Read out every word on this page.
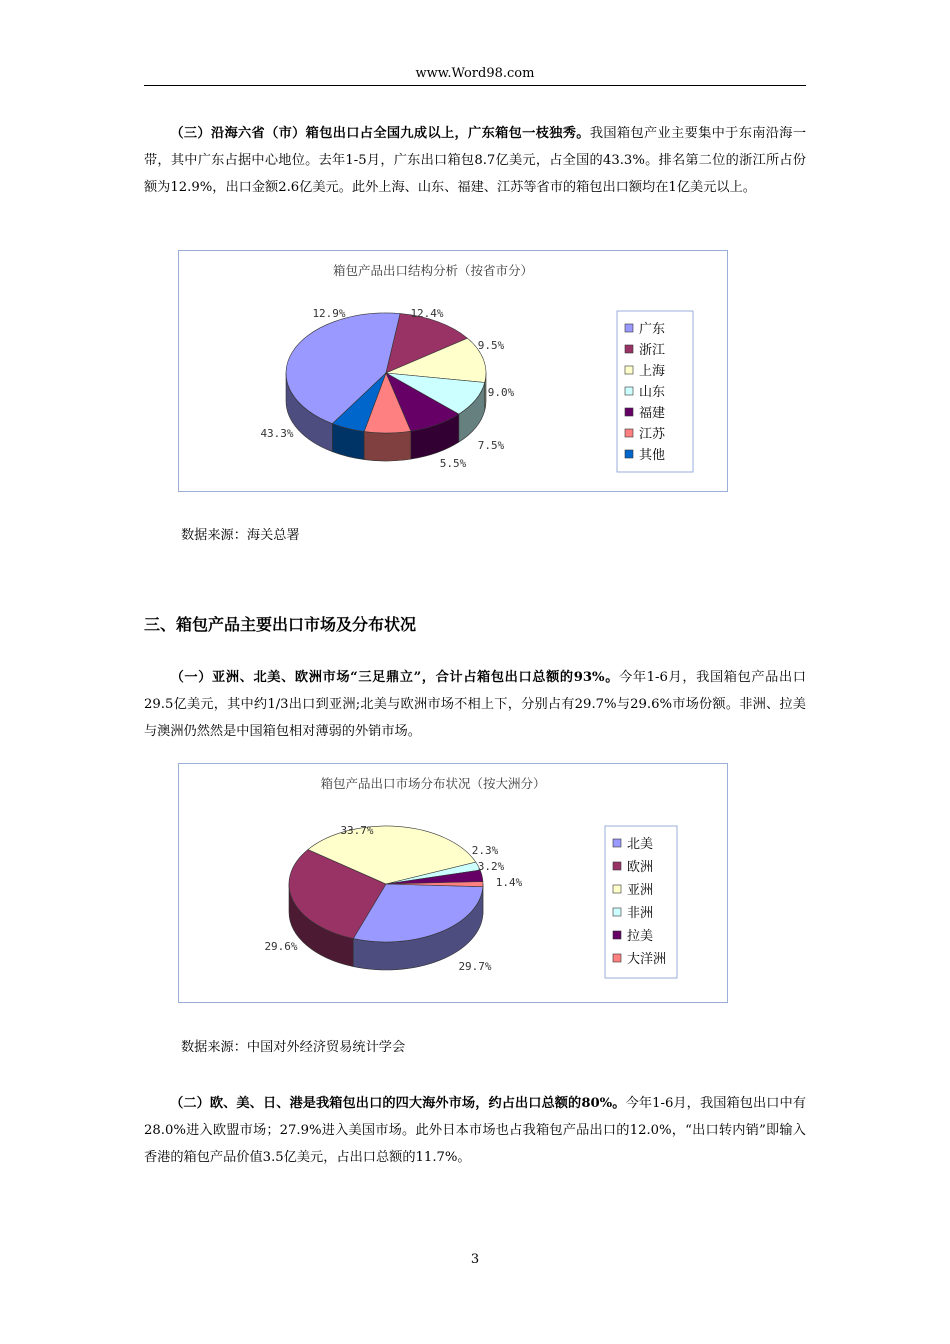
www.Word98.com

（三）沿海六省（市）箱包出口占全国九成以上，广东箱包一枝独秀。我国箱包产业主要集中于东南沿海一带，其中广东占据中心地位。去年1-5月，广东出口箱包8.7亿美元，占全国的43.3%。排名第二位的浙江所占份额为12.9%，出口金额2.6亿美元。此外上海、山东、福建、江苏等省市的箱包出口额均在1亿美元以上。

箱包产品出口结构分析（按省市分）
43.3%
12.9%	12.4%
9.5%
9.0%
7.5%
5.5%
广东
浙江
上海
山东
福建
江苏
其他
数据来源：海关总署
三、箱包产品主要出口市场及分布状况

（一）亚洲、北美、欧洲市场“三足鼎立”，合计占箱包出口总额的93%。今年1-6月，我国箱包产品出口29.5亿美元，其中约1/3出口到亚洲;北美与欧洲市场不相上下，分别占有29.7%与29.6%市场份额。非洲、拉美与澳洲仍然然是中国箱包相对薄弱的外销市场。

箱包产品出口市场分布状况（按大洲分）
29.7%
29.6%
33.7%
2.3%
3.2%
1.4%
北美
欧洲
亚洲
非洲
拉美
大洋洲
数据来源：中国对外经济贸易统计学会

（二）欧、美、日、港是我箱包出口的四大海外市场，约占出口总额的80%。今年1-6月，我国箱包出口中有28.0%进入欧盟市场；27.9%进入美国市场。此外日本市场也占我箱包产品出口的12.0%，“出口转内销”即输入香港的箱包产品价值3.5亿美元，占出口总额的11.7%。

3
